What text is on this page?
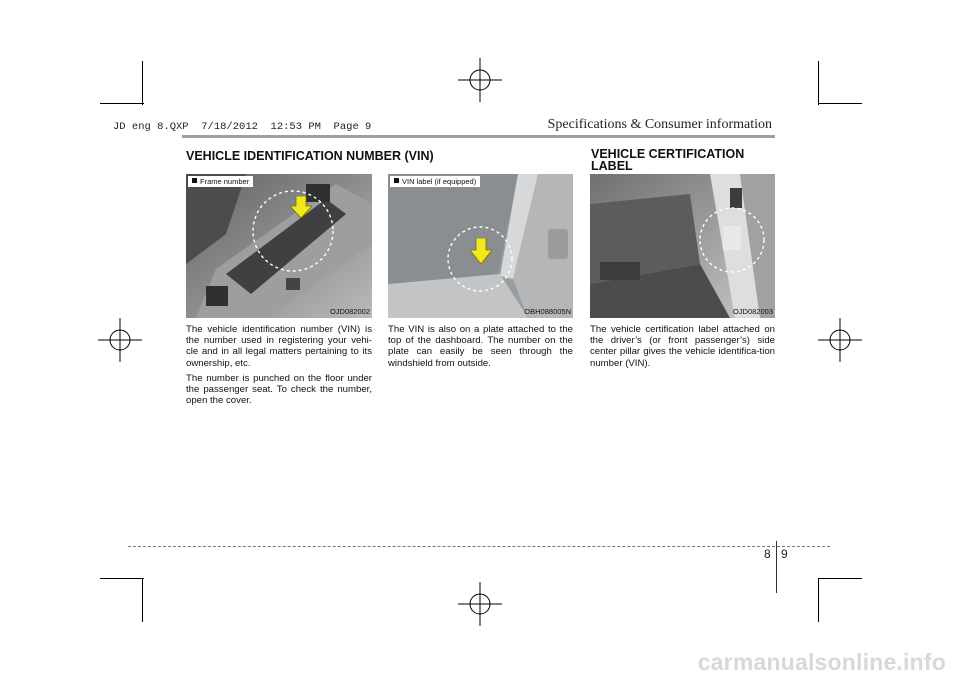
JD eng 8.QXP  7/18/2012  12:53 PM  Page 9	Specifications & Consumer information
VEHICLE IDENTIFICATION NUMBER (VIN)	VEHICLE CERTIFICATION
LABEL
Frame number
OJD082002
VIN label (if equipped)
OBH088005N	OJD082003

The vehicle identification number (VIN) is the number used in registering your vehi-cle and in all legal matters pertaining to its ownership, etc.

The number is punched on the floor under the passenger seat. To check the number, open the cover.

The VIN is also on a plate attached to the top of the dashboard. The number on the plate can easily be seen through the windshield from outside.

The vehicle certification label attached on the driver’s (or front passenger’s) side center pillar gives the vehicle identifica-tion number (VIN).

8 9
carmanualsonline.info
